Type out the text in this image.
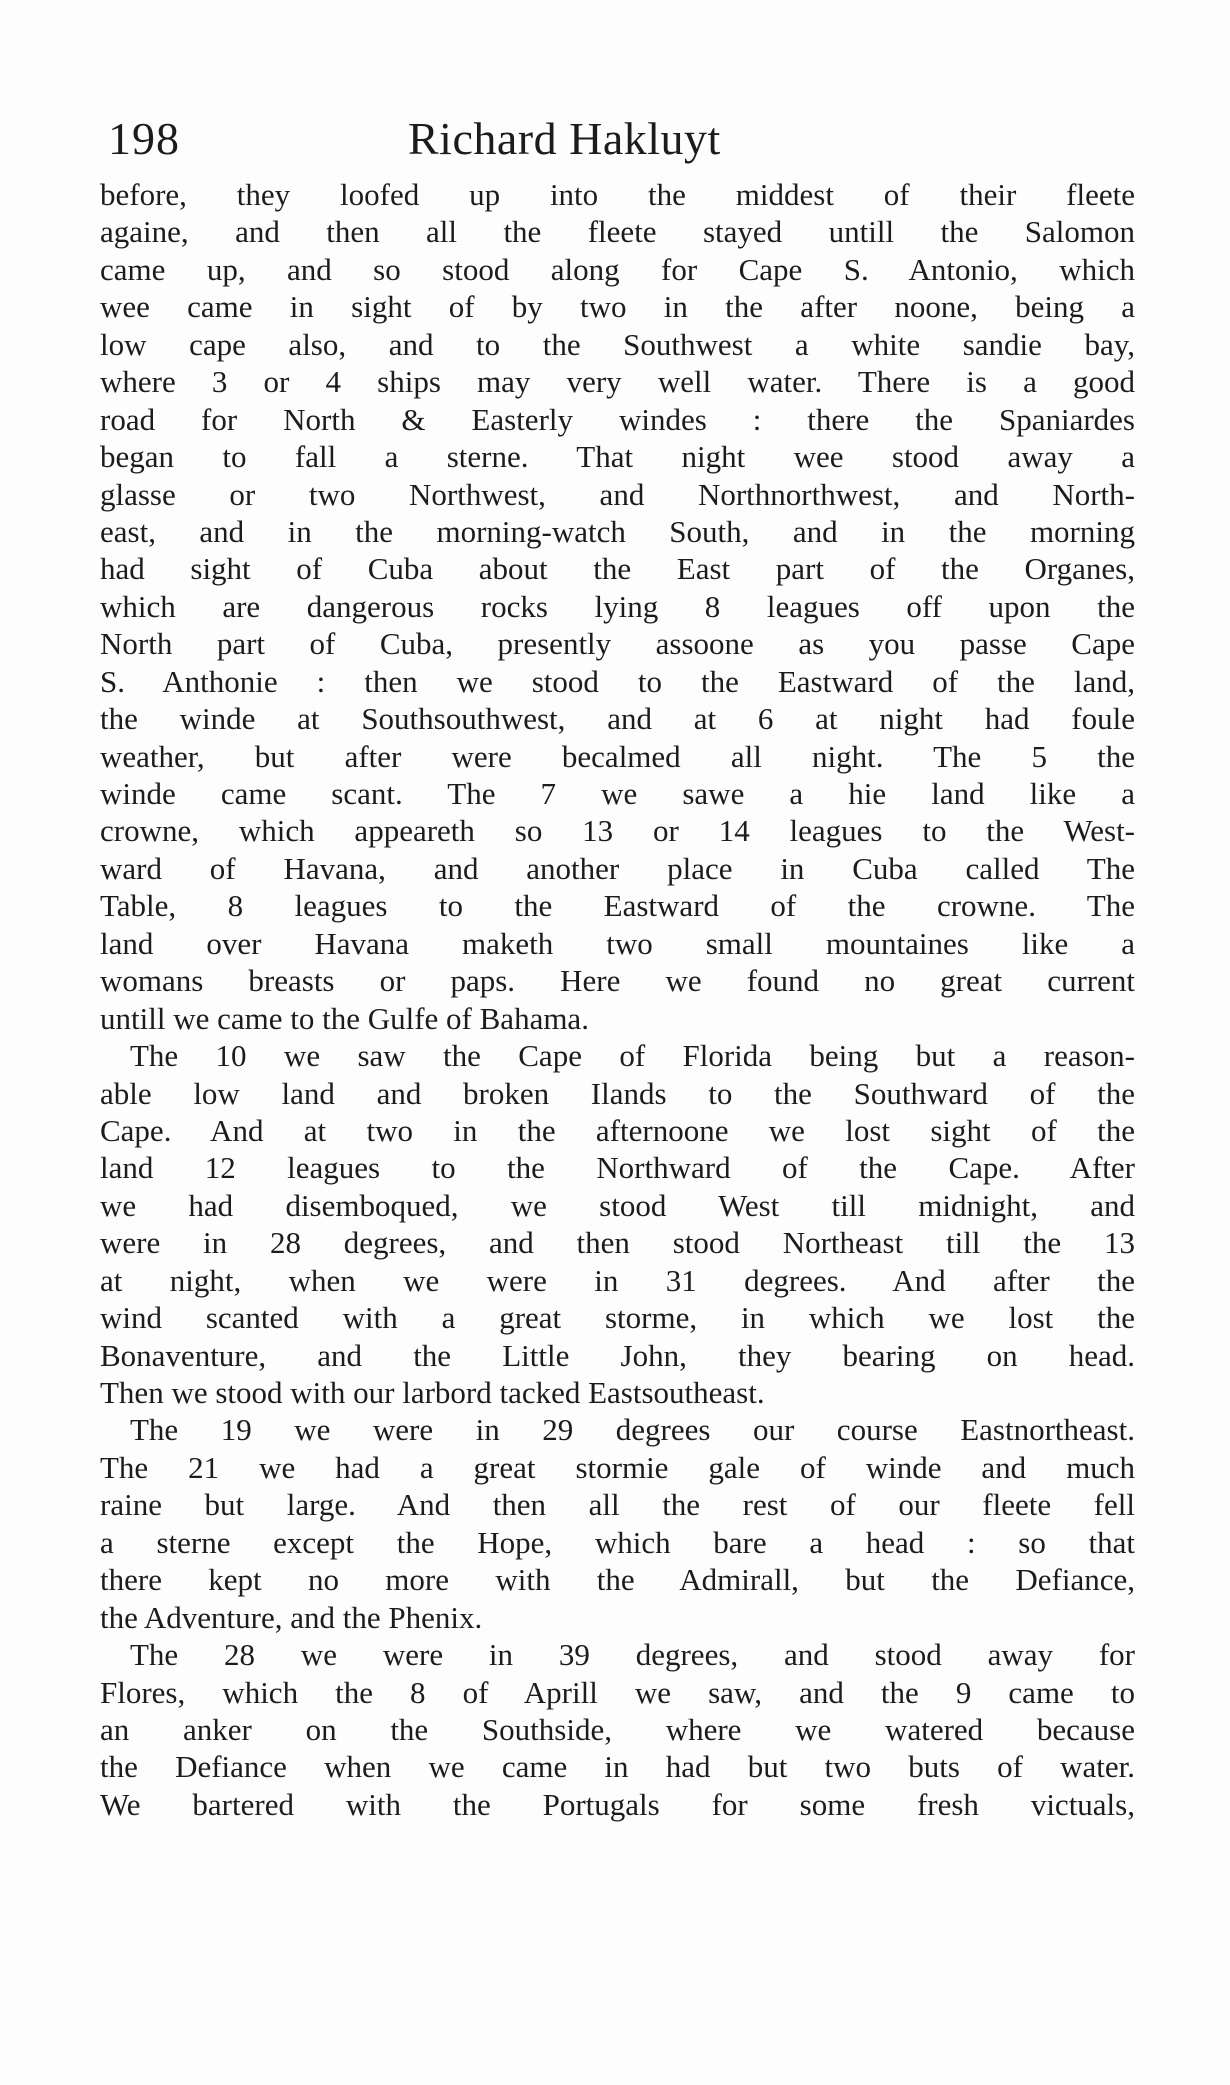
198	Richard Hakluyt
before, they loofed up into the middest of their fleete
againe, and then all the fleete stayed untill the Salomon
came up, and so stood along for Cape S. Antonio, which
wee came in sight of by two in the after noone, being a
low cape also, and to the Southwest a white sandie bay,
where 3 or 4 ships may very well water. There is a good
road for North & Easterly windes : there the Spaniardes
began to fall a sterne. That night wee stood away a
glasse or two Northwest, and Northnorthwest, and North-
east, and in the morning-watch South, and in the morning
had sight of Cuba about the East part of the Organes,
which are dangerous rocks lying 8 leagues off upon the
North part of Cuba, presently assoone as you passe Cape
S. Anthonie : then we stood to the Eastward of the land,
the winde at Southsouthwest, and at 6 at night had foule
weather, but after were becalmed all night. The 5 the
winde came scant. The 7 we sawe a hie land like a
crowne, which appeareth so 13 or 14 leagues to the West-
ward of Havana, and another place in Cuba called The
Table, 8 leagues to the Eastward of the crowne. The
land over Havana maketh two small mountaines like a
womans breasts or paps. Here we found no great current
untill we came to the Gulfe of Bahama.
The 10 we saw the Cape of Florida being but a reason-
able low land and broken Ilands to the Southward of the
Cape. And at two in the afternoone we lost sight of the
land 12 leagues to the Northward of the Cape. After
we had disemboqued, we stood West till midnight, and
were in 28 degrees, and then stood Northeast till the 13
at night, when we were in 31 degrees. And after the
wind scanted with a great storme, in which we lost the
Bonaventure, and the Little John, they bearing on head.
Then we stood with our larbord tacked Eastsoutheast.
The 19 we were in 29 degrees our course Eastnortheast.
The 21 we had a great stormie gale of winde and much
raine but large. And then all the rest of our fleete fell
a sterne except the Hope, which bare a head : so that
there kept no more with the Admirall, but the Defiance,
the Adventure, and the Phenix.
The 28 we were in 39 degrees, and stood away for
Flores, which the 8 of Aprill we saw, and the 9 came to
an anker on the Southside, where we watered because
the Defiance when we came in had but two buts of water.
We bartered with the Portugals for some fresh victuals,
